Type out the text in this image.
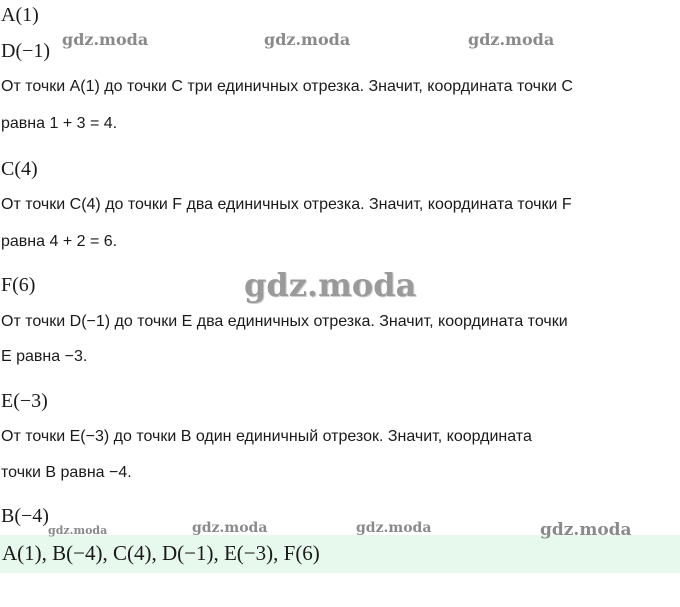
A(1)
D(−1)
От точки A(1) до точки C три единичных отрезка. Значит, координата точки C
равна 1 + 3 = 4.
C(4)
От точки C(4) до точки F два единичных отрезка. Значит, координата точки F
равна 4 + 2 = 6.
F(6)
От точки D(−1) до точки E два единичных отрезка. Значит, координата точки
E равна −3.
E(−3)
От точки E(−3) до точки B один единичный отрезок. Значит, координата
точки B равна −4.
B(−4)
A(1), B(−4), C(4), D(−1), E(−3), F(6)
gdz.moda	gdz.moda	gdz.moda
gdz.moda
gdz.moda	gdz.moda	gdz.moda	gdz.moda
